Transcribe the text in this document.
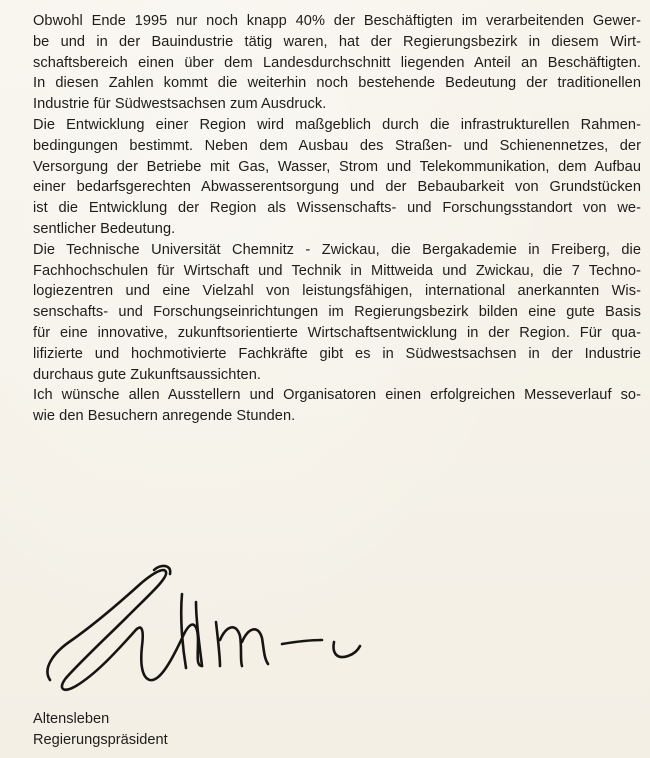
Obwohl Ende 1995 nur noch knapp 40% der Beschäftigten im verarbeitenden Gewer-
be und in der Bauindustrie tätig waren, hat der Regierungsbezirk in diesem Wirt-
schaftsbereich einen über dem Landesdurchschnitt liegenden Anteil an Beschäftigten.
In diesen Zahlen kommt die weiterhin noch bestehende Bedeutung der traditionellen
Industrie für Südwestsachsen zum Ausdruck.

Die Entwicklung einer Region wird maßgeblich durch die infrastrukturellen Rahmen-
bedingungen bestimmt. Neben dem Ausbau des Straßen- und Schienennetzes, der
Versorgung der Betriebe mit Gas, Wasser, Strom und Telekommunikation, dem Aufbau
einer bedarfsgerechten Abwasserentsorgung und der Bebaubarkeit von Grundstücken
ist die Entwicklung der Region als Wissenschafts- und Forschungsstandort von we-
sentlicher Bedeutung.

Die Technische Universität Chemnitz - Zwickau, die Bergakademie in Freiberg, die
Fachhochschulen für Wirtschaft und Technik in Mittweida und Zwickau, die 7 Techno-
logiezentren und eine Vielzahl von leistungsfähigen, international anerkannten Wis-
senschafts- und Forschungseinrichtungen im Regierungsbezirk bilden eine gute Basis
für eine innovative, zukunftsorientierte Wirtschaftsentwicklung in der Region. Für qua-
lifizierte und hochmotivierte Fachkräfte gibt es in Südwestsachsen in der Industrie
durchaus gute Zukunftsaussichten.

Ich wünsche allen Ausstellern und Organisatoren einen erfolgreichen Messeverlauf so-
wie den Besuchern anregende Stunden.

Altensleben
Regierungspräsident
